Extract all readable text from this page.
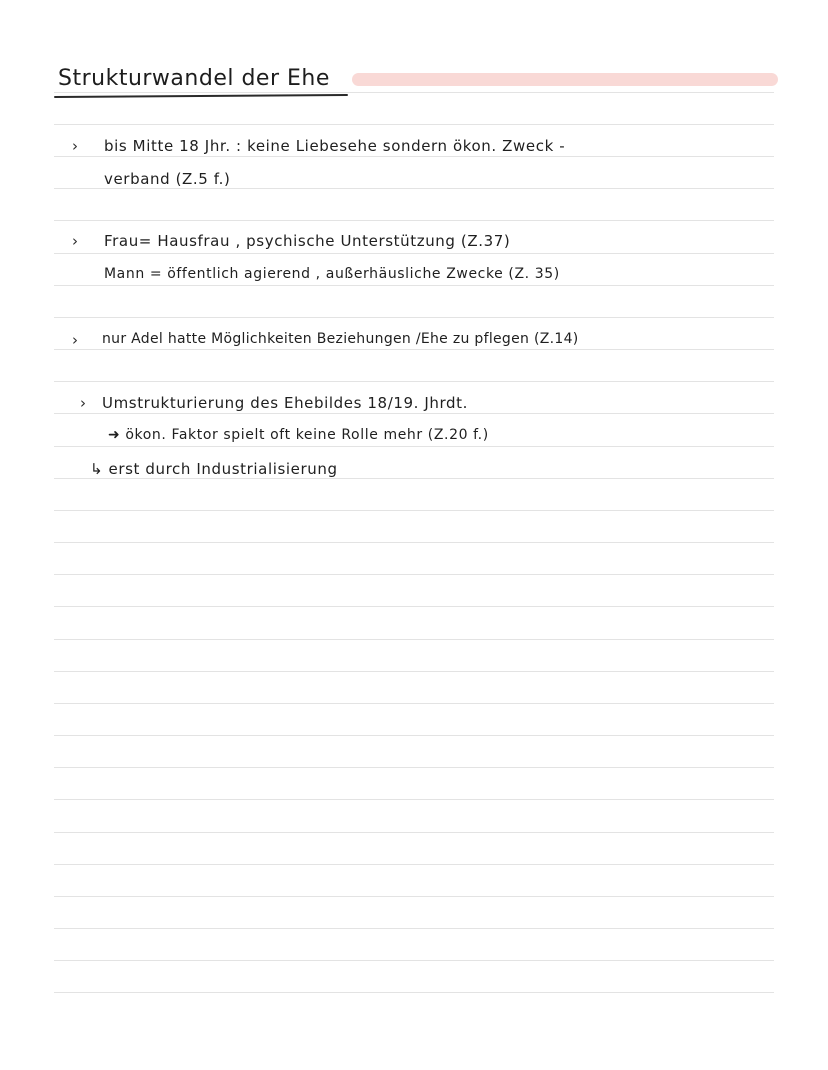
Strukturwandel der Ehe
› bis Mitte 18 Jhr. : keine Liebesehe sondern ökon. Zweck -
verband (Z.5 f.)
› Frau= Hausfrau , psychische Unterstützung (Z.37)
Mann = öffentlich agierend , außerhäusliche Zwecke (Z. 35)
› nur Adel hatte Möglichkeiten Beziehungen /Ehe zu pflegen (Z.14)
› Umstrukturierung des Ehebildes 18/19. Jhrdt.
➜ ökon. Faktor spielt oft keine Rolle mehr (Z.20 f.)
↳ erst durch Industrialisierung
